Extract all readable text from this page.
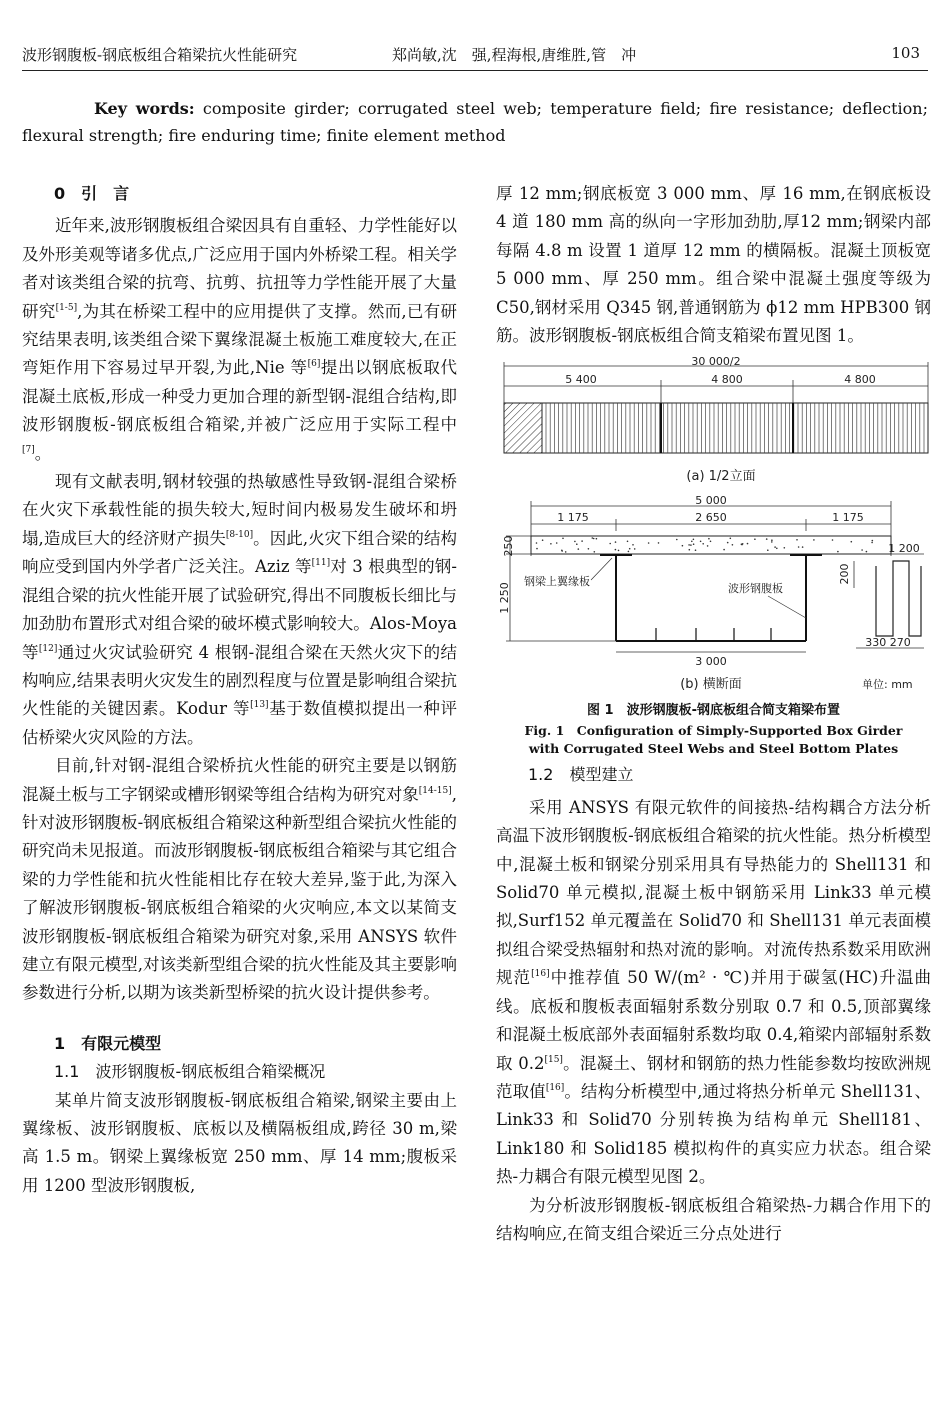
波形钢腹板-钢底板组合箱梁抗火性能研究	郑尚敏,沈　强,程海根,唐维胜,管　冲	103
Key words: composite girder; corrugated steel web; temperature field; fire resistance; deflection; flexural strength; fire enduring time; finite element method

0　引　言

近年来,波形钢腹板组合梁因具有自重轻、力学性能好以及外形美观等诸多优点,广泛应用于国内外桥梁工程。相关学者对该类组合梁的抗弯、抗剪、抗扭等力学性能开展了大量研究[1-5],为其在桥梁工程中的应用提供了支撑。然而,已有研究结果表明,该类组合梁下翼缘混凝土板施工难度较大,在正弯矩作用下容易过早开裂,为此,Nie 等[6]提出以钢底板取代混凝土底板,形成一种受力更加合理的新型钢-混组合结构,即波形钢腹板-钢底板组合箱梁,并被广泛应用于实际工程中[7]。

现有文献表明,钢材较强的热敏感性导致钢-混组合梁桥在火灾下承载性能的损失较大,短时间内极易发生破坏和坍塌,造成巨大的经济财产损失[8-10]。因此,火灾下组合梁的结构响应受到国内外学者广泛关注。Aziz 等[11]对 3 根典型的钢-混组合梁的抗火性能开展了试验研究,得出不同腹板长细比与加劲肋布置形式对组合梁的破坏模式影响较大。Alos-Moya 等[12]通过火灾试验研究 4 根钢-混组合梁在天然火灾下的结构响应,结果表明火灾发生的剧烈程度与位置是影响组合梁抗火性能的关键因素。Kodur 等[13]基于数值模拟提出一种评估桥梁火灾风险的方法。

目前,针对钢-混组合梁桥抗火性能的研究主要是以钢筋混凝土板与工字钢梁或槽形钢梁等组合结构为研究对象[14-15],针对波形钢腹板-钢底板组合箱梁这种新型组合梁抗火性能的研究尚未见报道。而波形钢腹板-钢底板组合箱梁与其它组合梁的力学性能和抗火性能相比存在较大差异,鉴于此,为深入了解波形钢腹板-钢底板组合箱梁的火灾响应,本文以某简支波形钢腹板-钢底板组合箱梁为研究对象,采用 ANSYS 软件建立有限元模型,对该类新型组合梁的抗火性能及其主要影响参数进行分析,以期为该类新型桥梁的抗火设计提供参考。

1　有限元模型

1.1　波形钢腹板-钢底板组合箱梁概况

某单片简支波形钢腹板-钢底板组合箱梁,钢梁主要由上翼缘板、波形钢腹板、底板以及横隔板组成,跨径 30 m,梁高 1.5 m。钢梁上翼缘板宽 250 mm、厚 14 mm;腹板采用 1200 型波形钢腹板,

厚 12 mm;钢底板宽 3 000 mm、厚 16 mm,在钢底板设 4 道 180 mm 高的纵向一字形加劲肋,厚12 mm;钢梁内部每隔 4.8 m 设置 1 道厚 12 mm 的横隔板。混凝土顶板宽 5 000 mm、厚 250 mm。组合梁中混凝土强度等级为 C50,钢材采用 Q345 钢,普通钢筋为 ϕ12 mm HPB300 钢筋。波形钢腹板-钢底板组合简支箱梁布置见图 1。

30 000/2
5 400	4 800	4 800
(a) 1/2立面
5 000
1 175	2 650	1 175
3 000
250
1 250
钢梁上翼缘板
波形钢腹板
1 200
200
330 270
(b) 横断面	单位: mm
图 1　波形钢腹板-钢底板组合简支箱梁布置
Fig. 1　Configuration of Simply-Supported Box Girder
with Corrugated Steel Webs and Steel Bottom Plates

1.2　模型建立

采用 ANSYS 有限元软件的间接热-结构耦合方法分析高温下波形钢腹板-钢底板组合箱梁的抗火性能。热分析模型中,混凝土板和钢梁分别采用具有导热能力的 Shell131 和 Solid70 单元模拟,混凝土板中钢筋采用 Link33 单元模拟,Surf152 单元覆盖在 Solid70 和 Shell131 单元表面模拟组合梁受热辐射和热对流的影响。对流传热系数采用欧洲规范[16]中推荐值 50 W/(m² · ℃)并用于碳氢(HC)升温曲线。底板和腹板表面辐射系数分别取 0.7 和 0.5,顶部翼缘和混凝土板底部外表面辐射系数均取 0.4,箱梁内部辐射系数取 0.2[15]。混凝土、钢材和钢筋的热力性能参数均按欧洲规范取值[16]。结构分析模型中,通过将热分析单元 Shell131、Link33 和 Solid70 分别转换为结构单元 Shell181、Link180 和 Solid185 模拟构件的真实应力状态。组合梁热-力耦合有限元模型见图 2。

为分析波形钢腹板-钢底板组合箱梁热-力耦合作用下的结构响应,在简支组合梁近三分点处进行
